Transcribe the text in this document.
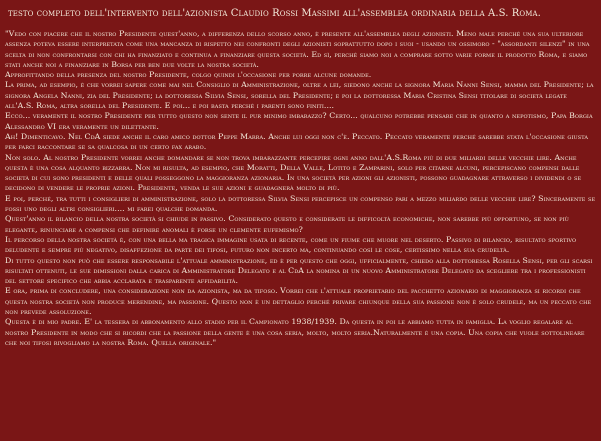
testo completo dell'intervento dell'azionista Claudio Rossi Massimi all'assemblea ordinaria della A.S. Roma.
"Vedo con piacere che il nostro Presidente quest'anno, a differenza dello scorso anno, è presente all'assemblea degli azionisti. Meno male perché una sua ulteriore assenza poteva essere interpretata come una mancanza di rispetto nei confronti degli azionisti soprattutto dopo i suoi - usando un ossimoro - "assordanti silenzi" in una scelta di non confrontarsi con chi ha finanziato e continua a finanziare questa società. Ed sì, perché siamo noi a comprare sotto varie forme il prodotto Roma, e siamo stati anche noi a finanziare in Borsa per ben due volte la nostra società.
Approfittando della presenza del nostro Presidente, colgo quindi l'occasione per porre alcune domande.
La prima, ad esempio, è che vorrei sapere come mai nel Consiglio di Amministrazione, oltre a lei, siedono anche la signora Maria Nanni Sensi, mamma del Presidente; la signora Angela Nanni, zia del Presidente; la dottoressa Silvia Sensi, sorella del Presidente; e poi la dottoressa Maria Cristina Sensi titolare di società legate all'A.S. Roma, altra sorella del Presidente. E poi... e poi basta perché i parenti sono finiti....
Ecco... veramente il nostro Presidente per tutto questo non sente il pur minimo imbarazzo? Certo... qualcuno potrebbe pensare che in quanto a nepotismo, Papa Borgia Alessandro VI era veramente un dilettante.
Ah! Dimenticavo. Nel CdA siede anche il caro amico dottor Peppe Marra. Anche lui oggi non c'è. Peccato. Peccato veramente perché sarebbe stata l'occasione giusta per farci raccontare se sa qualcosa di un certo fax arabo.
Non solo. Al nostro Presidente vorrei anche domandare se non trova imbarazzante percepire ogni anno dall'A.S.Roma più di due miliardi delle vecchie lire. Anche questa è una cosa alquanto bizzarra. Non mi risulta, ad esempio, che Moratti, Della Valle, Lotito e Zamparini, solo per citarne alcuni, percepiscano compensi dalle società di cui sono presidenti e delle quali posseggono la maggioranza azionaria. In una società per azioni gli azionisti, possono guadagnare attraverso i dividendi o se decidono di vendere le proprie azioni. Presidente, venda le sue azioni e guadagnerà molto di più.
E poi, perché, tra tutti i consiglieri di amministrazione, solo la dottoressa Silvia Sensi percepisce un compenso pari a mezzo miliardo delle vecchie lire? Sinceramente se fossi uno degli altri consiglieri.... mi farei qualche domanda.
Quest'anno il bilancio della nostra società si chiude in passivo. Considerato questo e considerate le difficoltà economiche, non sarebbe più opportuno, se non più elegante, rinunciare a compensi che definire anomali è forse un clemente eufemismo?
Il percorso della nostra società è, con una bella ma tragica immagine usata di recente, come un fiume che muore nel deserto. Passivo di bilancio, risultato sportivo deludente e sempre più negativo, disaffezione da parte dei tifosi, futuro non incerto ma, continuando così le cose, certissimo nella sua crudeltà.
Di tutto questo non può che essere responsabile l'attuale amministrazione, ed è per questo che oggi, ufficialmente, chiedo alla dottoressa Rosella Sensi, per gli scarsi risultati ottenuti, le sue dimissioni dalla carica di Amministratore Delegato e al CdA la nomina di un nuovo Amministratore Delegato da scegliere tra i professionisti del settore specifico che abbia acclarata e trasparente affidabilità.
E ora, prima di concludere, una considerazione non da azionista, ma da tifoso. Vorrei che l'attuale proprietario del pacchetto azionario di maggioranza si ricordi che questa nostra società non produce merendine, ma passione. Questo non è un dettaglio perché privare chiunque della sua passione non è solo crudele, ma un peccato che non prevede assoluzione.
Questa è di mio padre. E' la tessera di abbonamento allo stadio per il Campionato 1938/1939. Da questa in poi le abbiamo tutta in famiglia. La voglio regalare al nostro Presidente in modo che si ricordi che la passione della gente è una cosa seria, molto, molto seria.Naturalmente è una copia. Una copia che vuole sottolineare che noi tifosi rivogliamo la nostra Roma. Quella originale."
